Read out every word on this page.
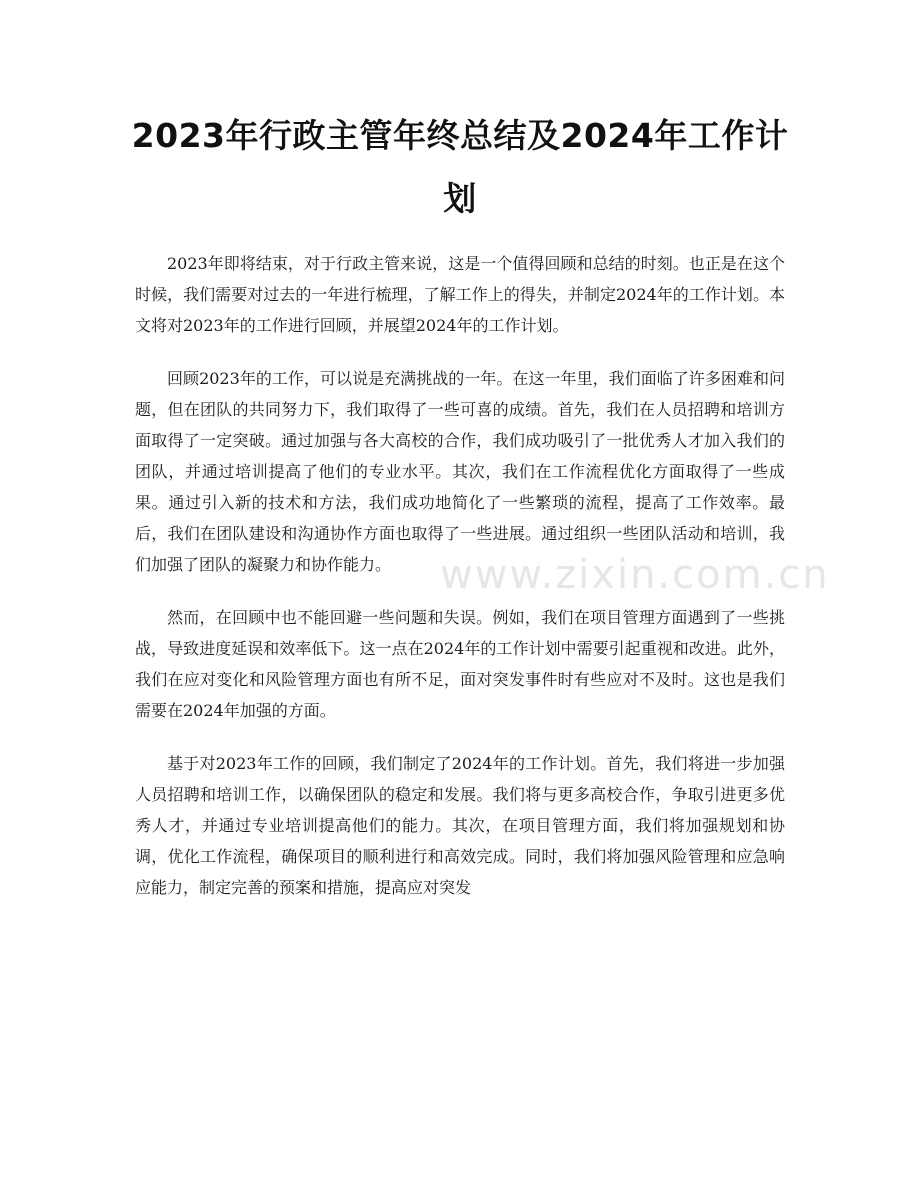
www.zixin.com.cn
2023年行政主管年终总结及2024年工作计划

2023年即将结束，对于行政主管来说，这是一个值得回顾和总结的时刻。也正是在这个时候，我们需要对过去的一年进行梳理，了解工作上的得失，并制定2024年的工作计划。本文将对2023年的工作进行回顾，并展望2024年的工作计划。

回顾2023年的工作，可以说是充满挑战的一年。在这一年里，我们面临了许多困难和问题，但在团队的共同努力下，我们取得了一些可喜的成绩。首先，我们在人员招聘和培训方面取得了一定突破。通过加强与各大高校的合作，我们成功吸引了一批优秀人才加入我们的团队，并通过培训提高了他们的专业水平。其次，我们在工作流程优化方面取得了一些成果。通过引入新的技术和方法，我们成功地简化了一些繁琐的流程，提高了工作效率。最后，我们在团队建设和沟通协作方面也取得了一些进展。通过组织一些团队活动和培训，我们加强了团队的凝聚力和协作能力。

然而，在回顾中也不能回避一些问题和失误。例如，我们在项目管理方面遇到了一些挑战，导致进度延误和效率低下。这一点在2024年的工作计划中需要引起重视和改进。此外，我们在应对变化和风险管理方面也有所不足，面对突发事件时有些应对不及时。这也是我们需要在2024年加强的方面。

基于对2023年工作的回顾，我们制定了2024年的工作计划。首先，我们将进一步加强人员招聘和培训工作，以确保团队的稳定和发展。我们将与更多高校合作，争取引进更多优秀人才，并通过专业培训提高他们的能力。其次，在项目管理方面，我们将加强规划和协调，优化工作流程，确保项目的顺利进行和高效完成。同时，我们将加强风险管理和应急响应能力，制定完善的预案和措施，提高应对突发
